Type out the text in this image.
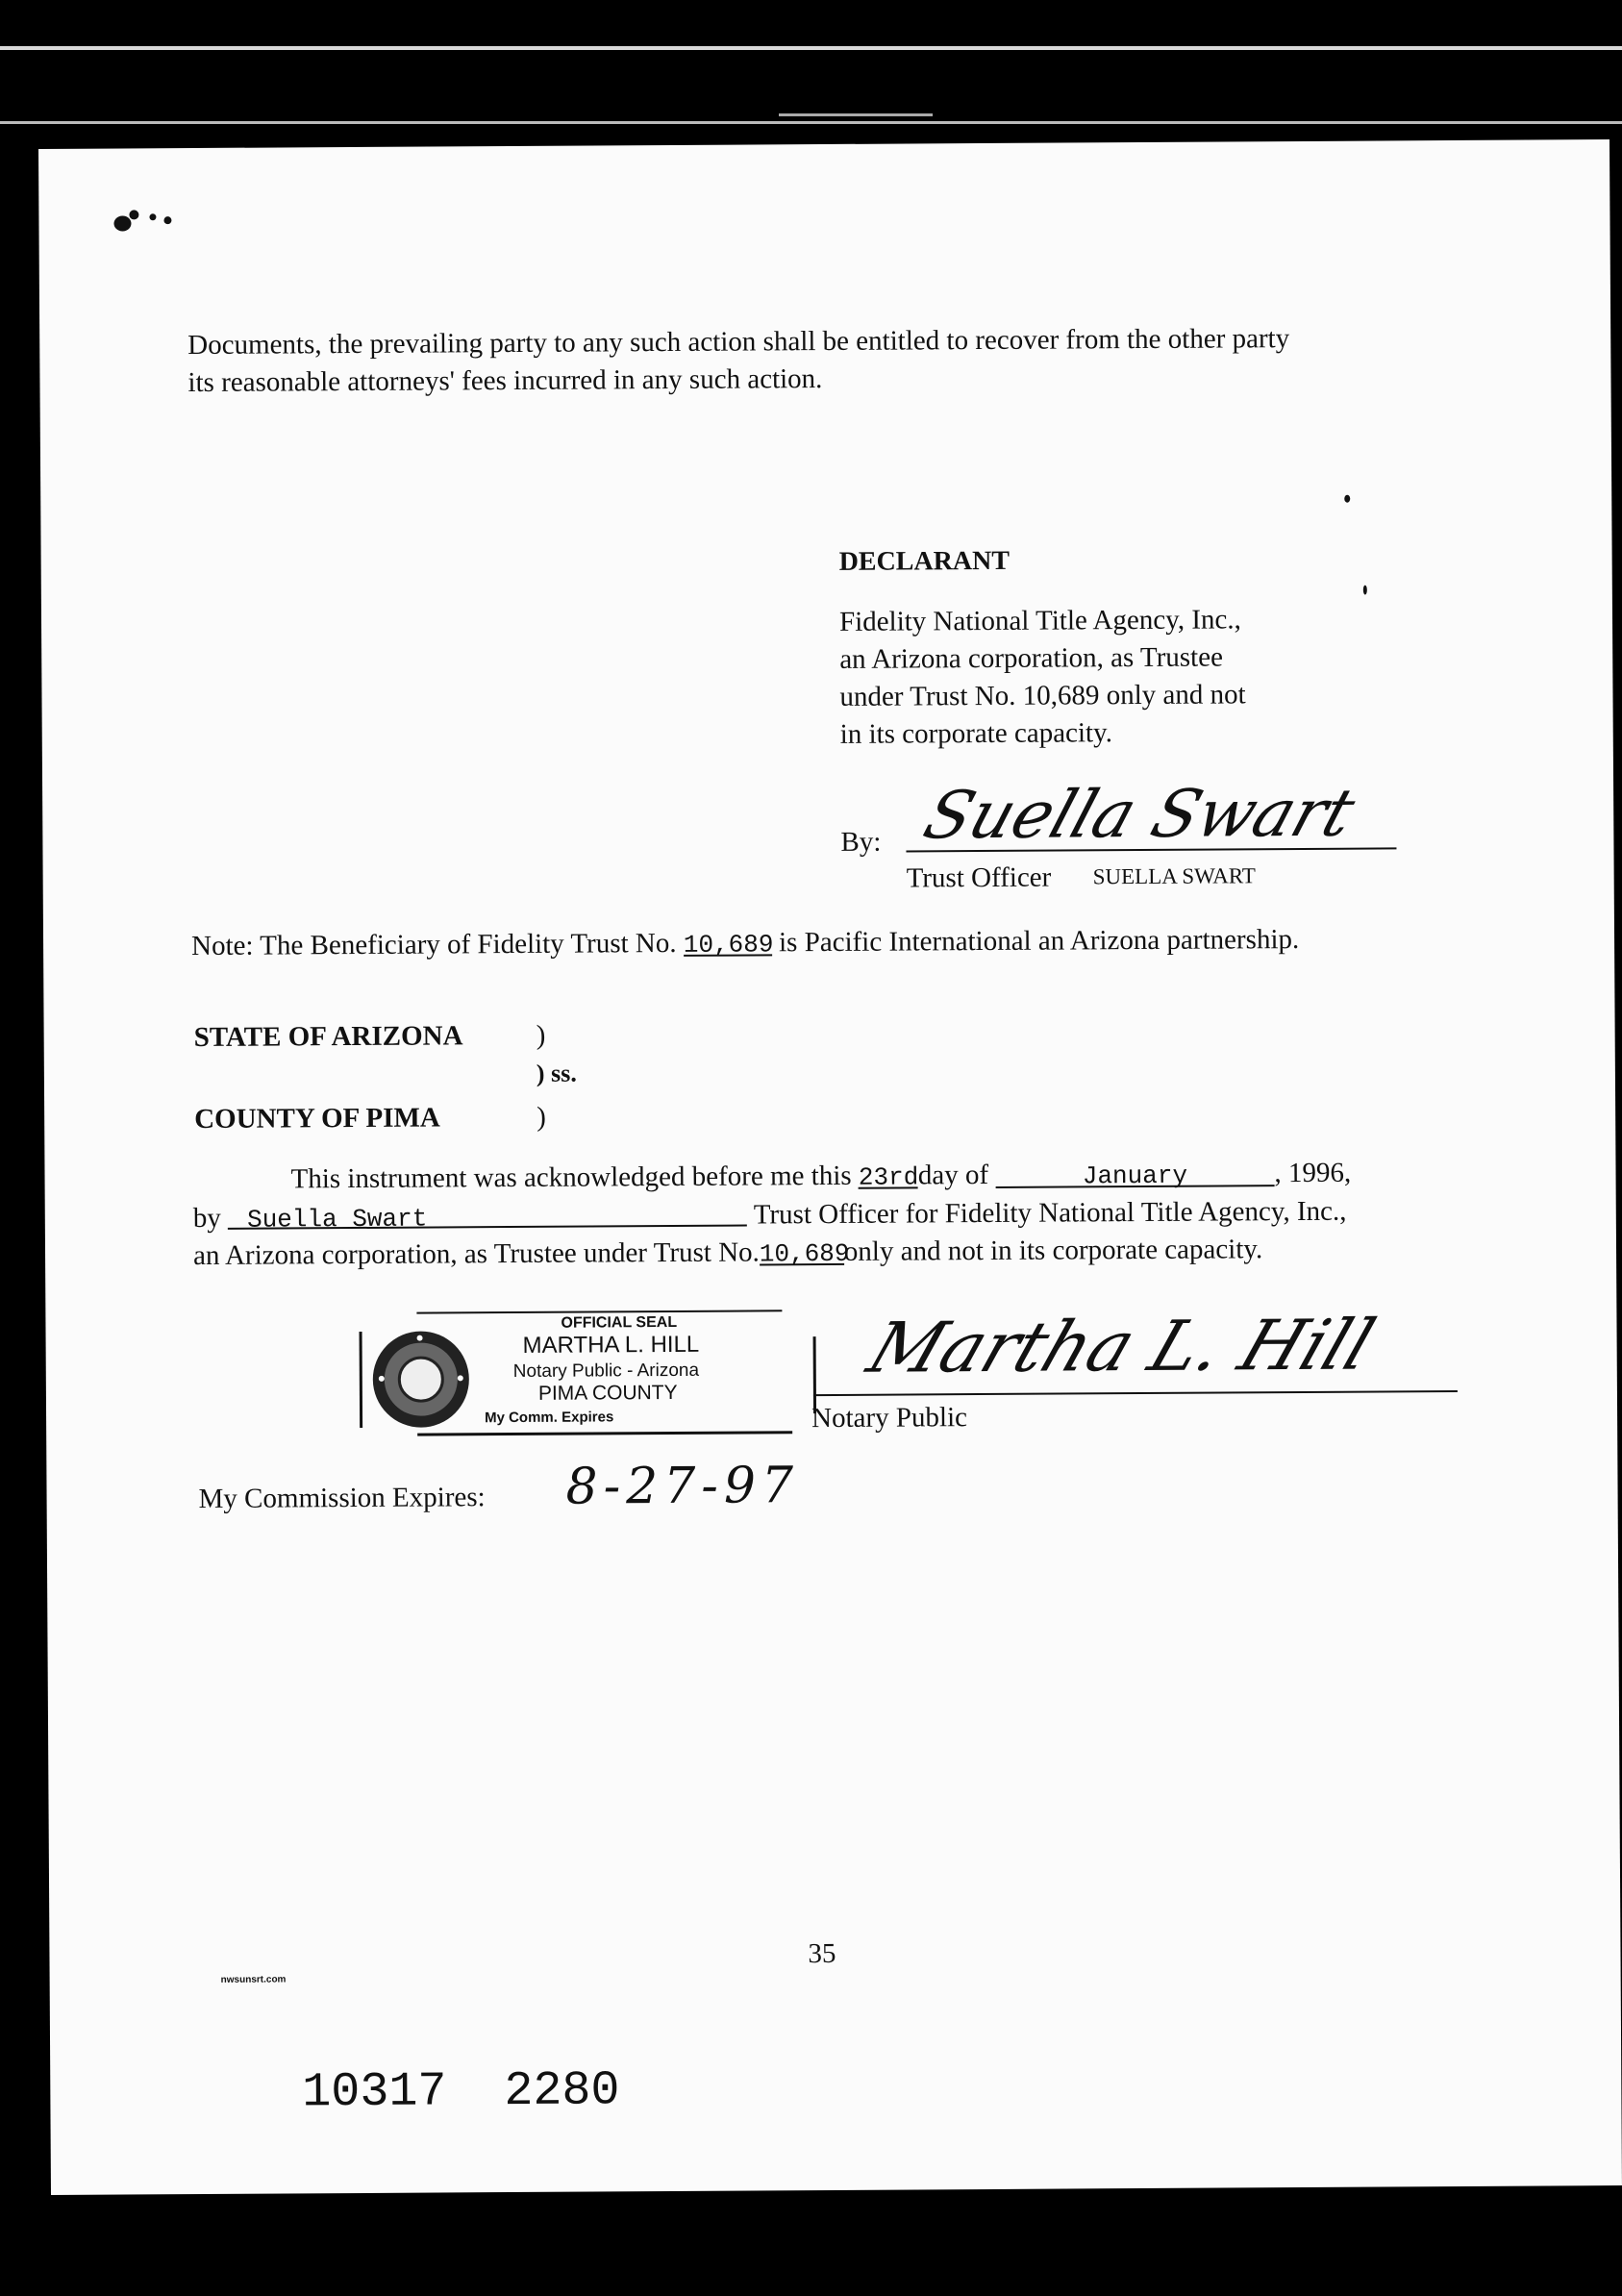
Documents, the prevailing party to any such action shall be entitled to recover from the other party
its reasonable attorneys' fees incurred in any such action.
DECLARANT
Fidelity National Title Agency, Inc.,
an Arizona corporation, as Trustee
under Trust No. 10,689 only and not
in its corporate capacity.
By: Suella Swart
Trust Officer SUELLA SWART
Note: The Beneficiary of Fidelity Trust No. 10,689 is Pacific International an Arizona partnership.
STATE OF ARIZONA	)
) ss.
COUNTY OF PIMA	)
This instrument was acknowledged before me this 23rdday of	January	, 1996,
by Suella Swart	Trust Officer for Fidelity National Title Agency, Inc.,
an Arizona corporation, as Trustee under Trust No.10,689only and not in its corporate capacity.
OFFICIAL SEAL
MARTHA L. HILL
Notary Public - Arizona
PIMA COUNTY
My Comm. Expires
Martha L. Hill
Notary Public
My Commission Expires: 8-27-97
35
nwsunsrt.com
10317  2280
